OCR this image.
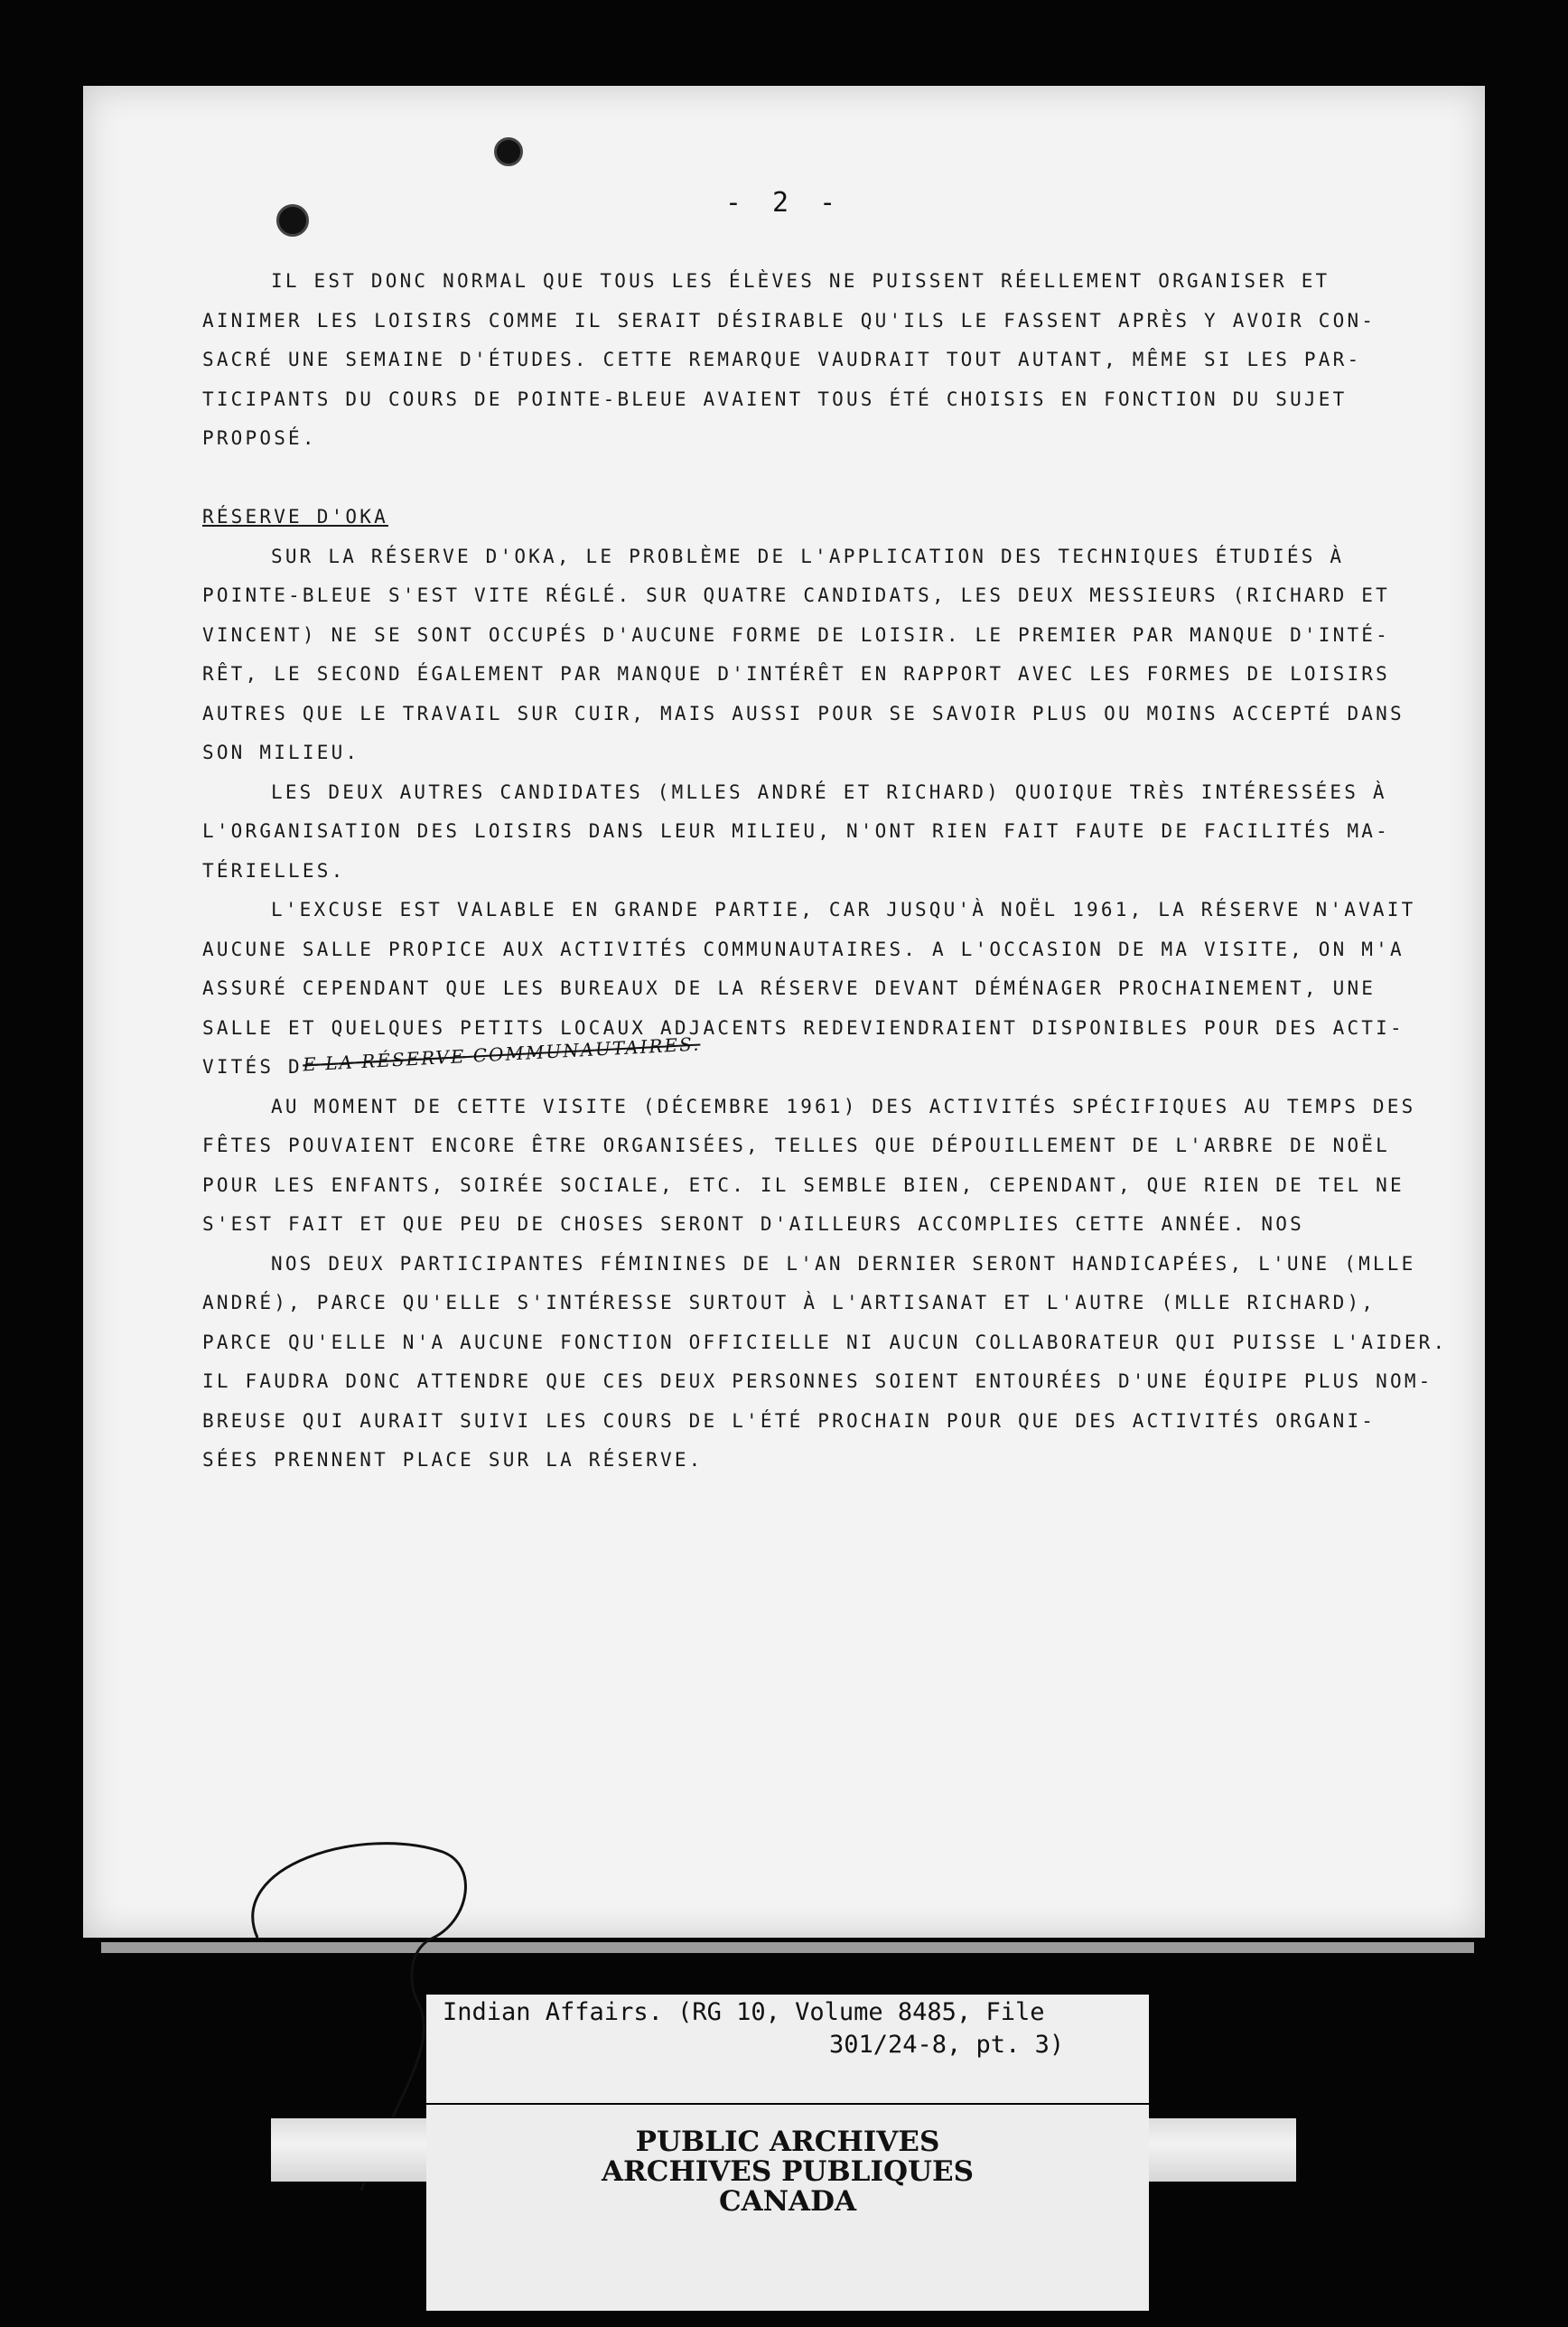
- 2 -

IL EST DONC NORMAL QUE TOUS LES ÉLÈVES NE PUISSENT RÉELLEMENT ORGANISER ET

AINIMER LES LOISIRS COMME IL SERAIT DÉSIRABLE QU'ILS LE FASSENT APRÈS Y AVOIR CON-

SACRÉ UNE SEMAINE D'ÉTUDES. CETTE REMARQUE VAUDRAIT TOUT AUTANT, MÊME SI LES PAR-

TICIPANTS DU COURS DE POINTE-BLEUE AVAIENT TOUS ÉTÉ CHOISIS EN FONCTION DU SUJET

PROPOSÉ.

RÉSERVE D'OKA

SUR LA RÉSERVE D'OKA, LE PROBLÈME DE L'APPLICATION DES TECHNIQUES ÉTUDIÉS À

POINTE-BLEUE S'EST VITE RÉGLÉ. SUR QUATRE CANDIDATS, LES DEUX MESSIEURS (RICHARD ET

VINCENT) NE SE SONT OCCUPÉS D'AUCUNE FORME DE LOISIR. LE PREMIER PAR MANQUE D'INTÉ-

RÊT, LE SECOND ÉGALEMENT PAR MANQUE D'INTÉRÊT EN RAPPORT AVEC LES FORMES DE LOISIRS

AUTRES QUE LE TRAVAIL SUR CUIR, MAIS AUSSI POUR SE SAVOIR PLUS OU MOINS ACCEPTÉ DANS

SON MILIEU.

LES DEUX AUTRES CANDIDATES (MLLES ANDRÉ ET RICHARD) QUOIQUE TRÈS INTÉRESSÉES À

L'ORGANISATION DES LOISIRS DANS LEUR MILIEU, N'ONT RIEN FAIT FAUTE DE FACILITÉS MA-

TÉRIELLES.

L'EXCUSE EST VALABLE EN GRANDE PARTIE, CAR JUSQU'À NOËL 1961, LA RÉSERVE N'AVAIT

AUCUNE SALLE PROPICE AUX ACTIVITÉS COMMUNAUTAIRES. A L'OCCASION DE MA VISITE, ON M'A

ASSURÉ CEPENDANT QUE LES BUREAUX DE LA RÉSERVE DEVANT DÉMÉNAGER PROCHAINEMENT, UNE

SALLE ET QUELQUES PETITS LOCAUX ADJACENTS REDEVIENDRAIENT DISPONIBLES POUR DES ACTI-

VITÉS DE LA RÉSERVE COMMUNAUTAIRES.

AU MOMENT DE CETTE VISITE (DÉCEMBRE 1961) DES ACTIVITÉS SPÉCIFIQUES AU TEMPS DES

FÊTES POUVAIENT ENCORE ÊTRE ORGANISÉES, TELLES QUE DÉPOUILLEMENT DE L'ARBRE DE NOËL

POUR LES ENFANTS, SOIRÉE SOCIALE, ETC. IL SEMBLE BIEN, CEPENDANT, QUE RIEN DE TEL NE

S'EST FAIT ET QUE PEU DE CHOSES SERONT D'AILLEURS ACCOMPLIES CETTE ANNÉE. NOS

NOS DEUX PARTICIPANTES FÉMININES DE L'AN DERNIER SERONT HANDICAPÉES, L'UNE (MLLE

ANDRÉ), PARCE QU'ELLE S'INTÉRESSE SURTOUT À L'ARTISANAT ET L'AUTRE (MLLE RICHARD),

PARCE QU'ELLE N'A AUCUNE FONCTION OFFICIELLE NI AUCUN COLLABORATEUR QUI PUISSE L'AIDER.

IL FAUDRA DONC ATTENDRE QUE CES DEUX PERSONNES SOIENT ENTOURÉES D'UNE ÉQUIPE PLUS NOM-

BREUSE QUI AURAIT SUIVI LES COURS DE L'ÉTÉ PROCHAIN POUR QUE DES ACTIVITÉS ORGANI-

SÉES PRENNENT PLACE SUR LA RÉSERVE.

Indian Affairs. (RG 10, Volume 8485, File
301/24-8, pt. 3)
PUBLIC ARCHIVES
ARCHIVES PUBLIQUES
CANADA
